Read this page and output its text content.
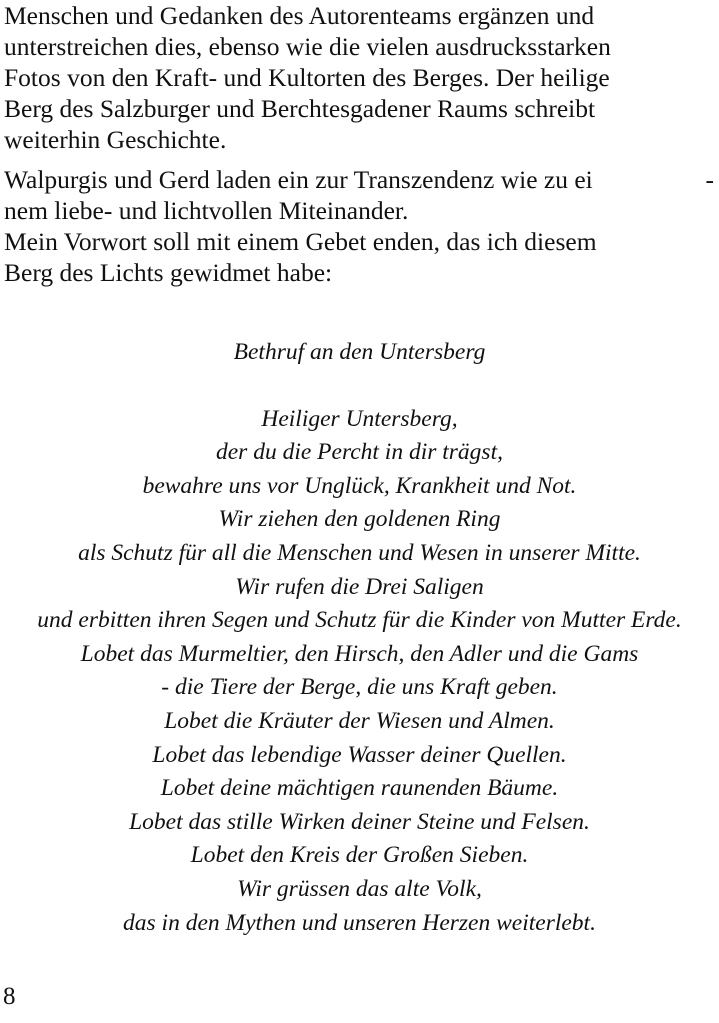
Menschen und Gedanken des Autorenteams ergänzen und

unterstreichen dies, ebenso wie die vielen ausdrucksstarken

Fotos von den Kraft- und Kultorten des Berges. Der heilige

Berg des Salzburger und Berchtesgadener Raums schreibt

weiterhin Geschichte.

Walpurgis und Gerd laden ein zur Transzendenz wie zu ei	-

nem liebe- und lichtvollen Miteinander.

Mein Vorwort soll mit einem Gebet enden, das ich diesem

Berg des Lichts gewidmet habe:

Bethruf an den Untersberg
Heiliger Untersberg,
der du die Percht in dir trägst,
bewahre uns vor Unglück, Krankheit und Not.
Wir ziehen den goldenen Ring
als Schutz für all die Menschen und Wesen in unserer Mitte.
Wir rufen die Drei Saligen
und erbitten ihren Segen und Schutz für die Kinder von Mutter Erde.
Lobet das Murmeltier, den Hirsch, den Adler und die Gams
- die Tiere der Berge, die uns Kraft geben.
Lobet die Kräuter der Wiesen und Almen.
Lobet das lebendige Wasser deiner Quellen.
Lobet deine mächtigen raunenden Bäume.
Lobet das stille Wirken deiner Steine und Felsen.
Lobet den Kreis der Großen Sieben.
Wir grüssen das alte Volk,
das in den Mythen und unseren Herzen weiterlebt.
8
